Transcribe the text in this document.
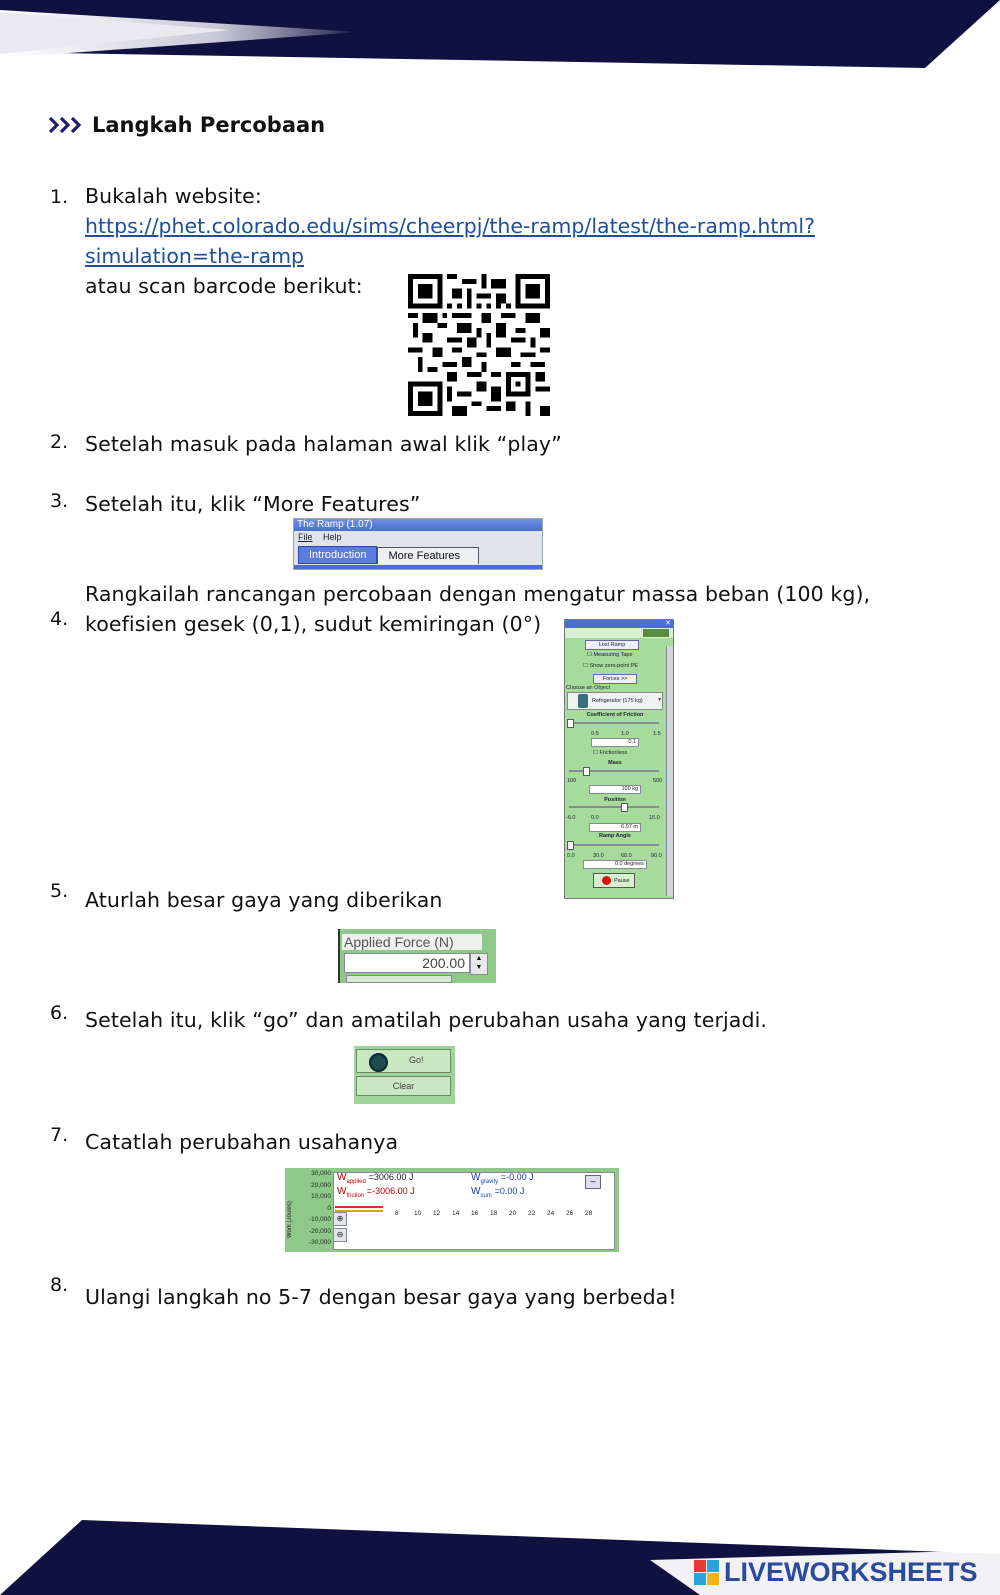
Langkah Percobaan
1. Bukalah website:
https://phet.colorado.edu/sims/cheerpj/the-ramp/latest/the-ramp.html?
simulation=the-ramp
atau scan barcode berikut:
2. Setelah masuk pada halaman awal klik “play”
3. Setelah itu, klik “More Features”
The Ramp (1.07)
File Help
Introduction	More Features
4.
Rangkailah rancangan percobaan dengan mengatur massa beban (100 kg),
koefisien gesek (0,1), sudut kemiringan (0°)	✕
Lost Ramp
☐ Measuring Tape
☐ Show zero-point PE
Forces >>
Choose an Object
Refrigerator (175 kg)	▾
Coefficient of Friction
0.5	1.0	1.5
0.1
☐ Frictionless
Mass
100	500
100 kg
Position
-6.0	0.0	15.0
6.97 m
Ramp Angle
0.0	30.0	60.0	90.0
0.0 degrees
Pause
5. Aturlah besar gaya yang diberikan
Applied Force (N)
200.00	▲
▼
6. Setelah itu, klik “go” dan amatilah perubahan usaha yang terjadi.
Go!
Clear
7. Catatlah perubahan usahanya
Work (Joules)
30,000
20,000
10,000
0
-10,000
-20,000
-30,000
8 10 12 14 16 18 20 22 24 26 28
$W_{applied} =3006.00$ J
$W_{friction} =-3006.00$ J
$W_{gravity} =-0.00$ J
$W_{sum} =0.00$ J
–
⊕
⊖
8. Ulangi langkah no 5-7 dengan besar gaya yang berbeda!
LIVEWORKSHEETS
